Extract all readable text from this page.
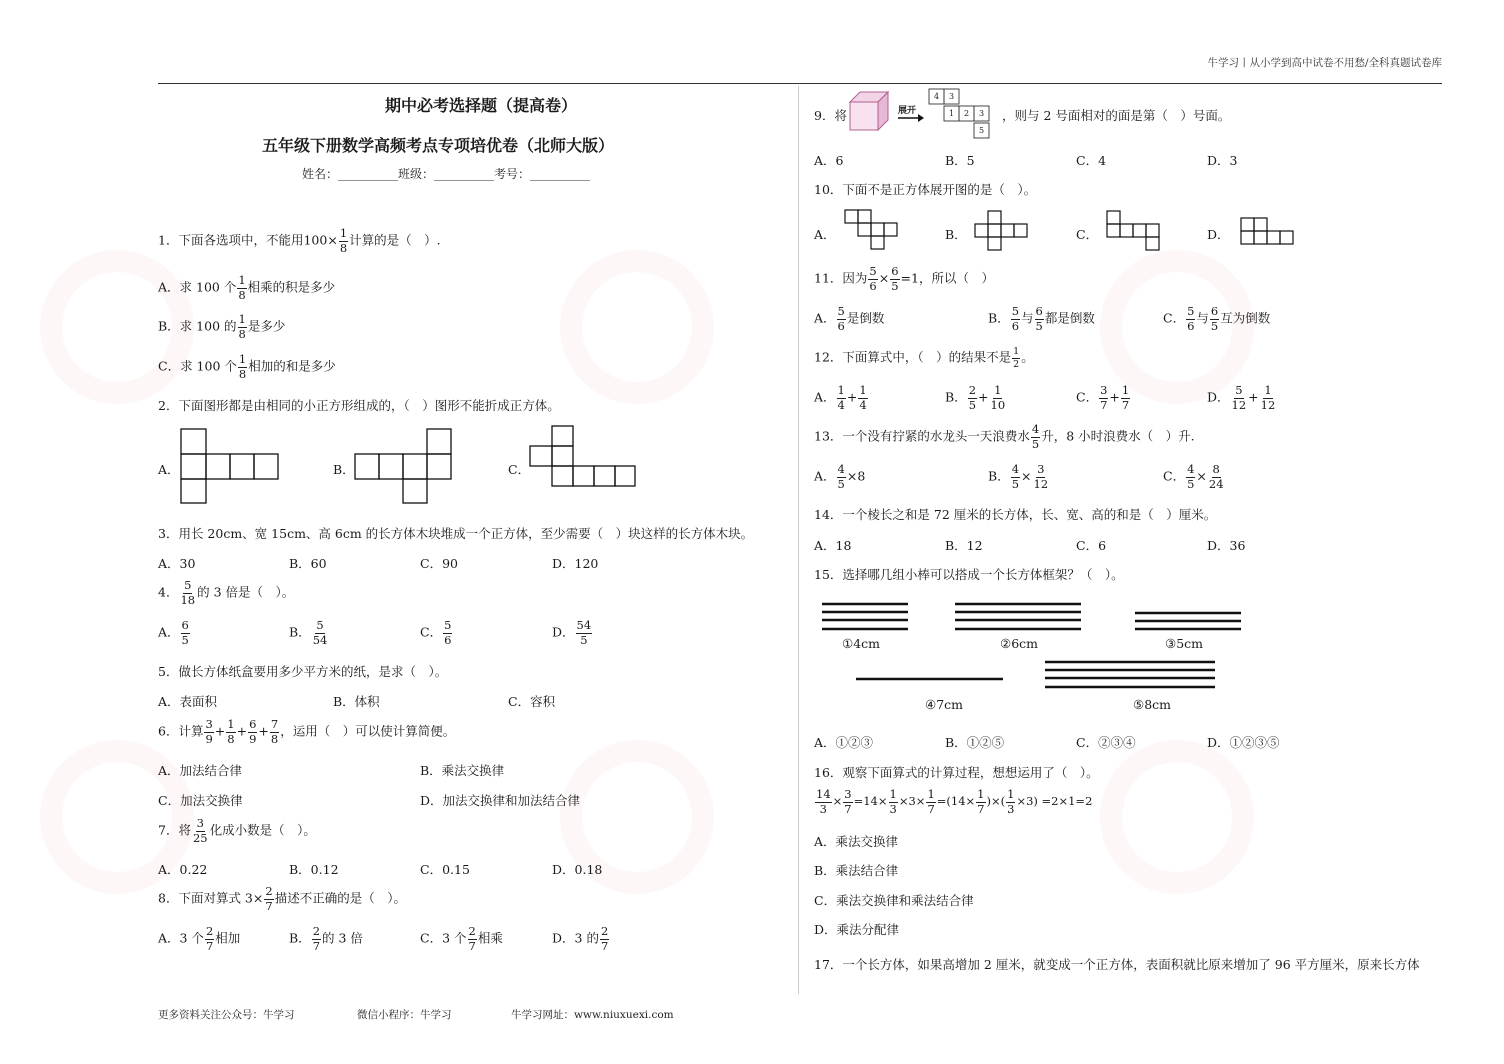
牛学习丨从小学到高中试卷不用愁/全科真题试卷库
期中必考选择题（提高卷）
五年级下册数学高频考点专项培优卷（北师大版）
姓名：__________班级：__________考号：__________
1．下面各选项中，不能用$100\times \frac{1}{8}$ 计算的是（　）.
A．求 100 个 $\frac{1}{8}$ 相乘的积是多少
B．求 100 的 $\frac{1}{8}$ 是多少
C．求 100 个 $\frac{1}{8}$ 相加的和是多少
2．下面图形都是由相同的小正方形组成的，（　）图形不能折成正方体。
A．	B．	C．
3．用长 20cm、宽 15cm、高 6cm 的长方体木块堆成一个正方体，至少需要（　）块这样的长方体木块。
A．30	B．60	C．90	D．120
4． $\frac{5}{18}$ 的 3 倍是（　）。
A． $\frac{6}{5}$	B． $\frac{5}{54}$	C． $\frac{5}{6}$	D． $\frac{54}{5}$
5．做长方体纸盒要用多少平方米的纸，是求（　）。
A．表面积	B．体积	C．容积
6．计算 $\frac{3}{9} + \frac{1}{8} + \frac{6}{9} + \frac{7}{8}$ ，运用（　）可以使计算简便。
A．加法结合律	B．乘法交换律
C．加法交换律	D．加法交换律和加法结合律
7．将 $\frac{3}{25}$ 化成小数是（　）。
A．0.22	B．0.12	C．0.15	D．0.18
8．下面对算式 $3\times \frac{2}{7}$ 描述不正确的是（　）。
A．3 个 $\frac{2}{7}$ 相加	B． $\frac{2}{7}$ 的 3 倍	C．3 个 $\frac{2}{7}$ 相乘	D．3 的 $\frac{2}{7}$
9．将	展开
4 3
1 2 3
5
，则与 2 号面相对的面是第（　）号面。
A．6	B．5	C．4	D．3
10．下面不是正方体展开图的是（　）。
A．	B．	C．	D．
11．因为 $\frac{5}{6} \times \frac{6}{5} =1$，所以（　）
A． $\frac{5}{6}$ 是倒数	B． $\frac{5}{6}$ 与 $\frac{6}{5}$ 都是倒数	C． $\frac{5}{6}$ 与 $\frac{6}{5}$ 互为倒数
12．下面算式中，（　）的结果不是 $\frac{1}{2}$ 。
A． $\frac{1}{4} + \frac{1}{4}$	B． $\frac{2}{5} + \frac{1}{10}$	C． $\frac{3}{7} + \frac{1}{7}$	D． $\frac{5}{12} + \frac{1}{12}$
13．一个没有拧紧的水龙头一天浪费水 $\frac{4}{5}$ 升，8 小时浪费水（　）升.
A． $\frac{4}{5} \times 8$	B． $\frac{4}{5} \times \frac{3}{12}$	C． $\frac{4}{5} \times \frac{8}{24}$
14．一个棱长之和是 72 厘米的长方体，长、宽、高的和是（　）厘米。
A．18	B．12	C．6	D．36
15．选择哪几组小棒可以搭成一个长方体框架？（　）。
①4cm	②6cm	③5cm
④7cm	⑤8cm
A．①②③	B．①②⑤	C．②③④	D．①②③⑤
16．观察下面算式的计算过程，想想运用了（　）。
$\frac{14}{3} \times \frac{3}{7} =14\times \frac{1}{3} \times 3\times \frac{1}{7} =(14\times \frac{1}{7}$ )×( $\frac{1}{3} \times 3) =2\times 1=2$
A．乘法交换律
B．乘法结合律
C．乘法交换律和乘法结合律
D．乘法分配律
17．一个长方体，如果高增加 2 厘米，就变成一个正方体，表面积就比原来增加了 96 平方厘米，原来长方体
更多资料关注公众号：牛学习	微信小程序：牛学习	牛学习网址：www.niuxuexi.com
